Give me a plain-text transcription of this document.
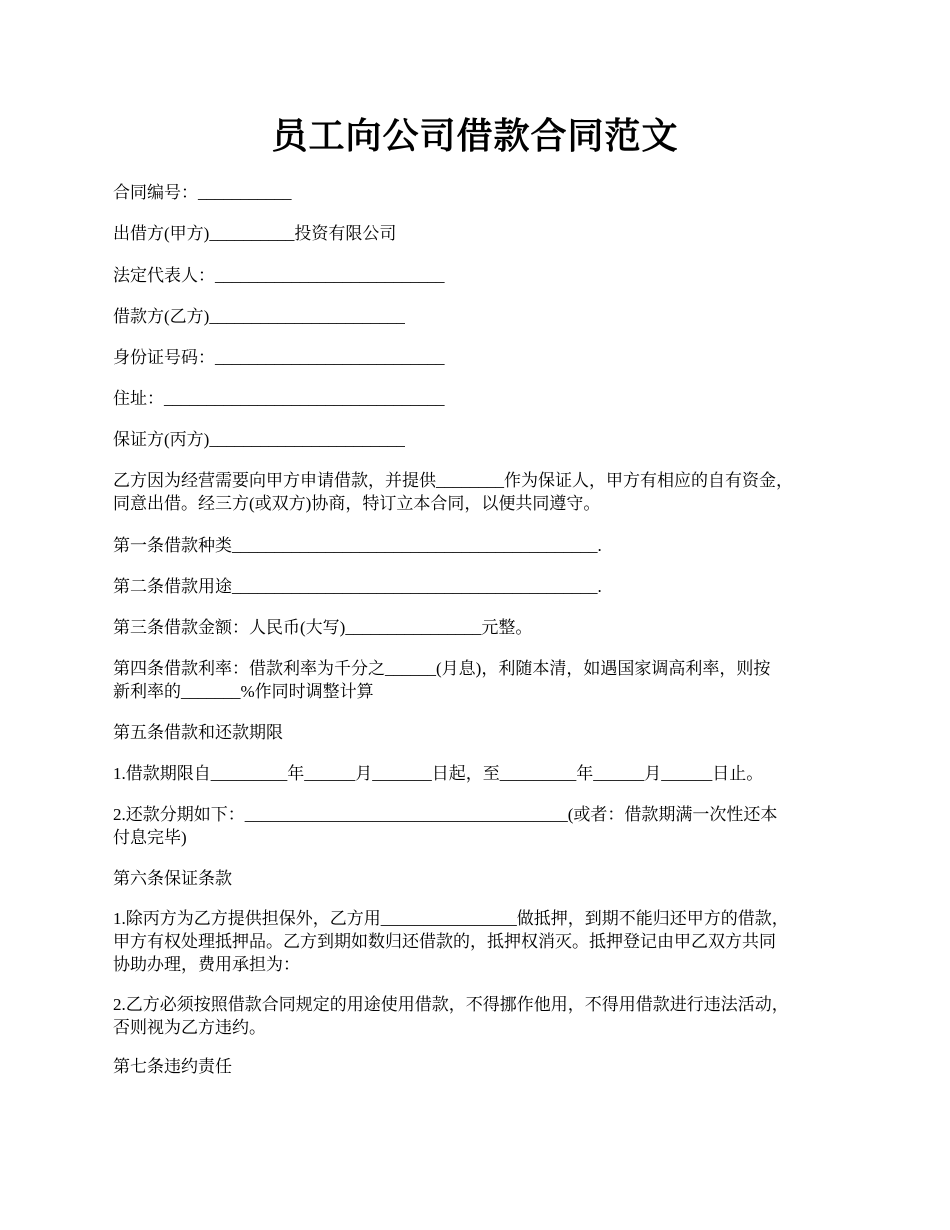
员工向公司借款合同范文
合同编号：___________
出借方(甲方)__________投资有限公司
法定代表人：___________________________
借款方(乙方)_______________________
身份证号码：___________________________
住址：_________________________________
保证方(丙方)_______________________
乙方因为经营需要向甲方申请借款，并提供________作为保证人，甲方有相应的自有资金，
同意出借。经三方(或双方)协商，特订立本合同，以便共同遵守。
第一条借款种类___________________________________________.
第二条借款用途___________________________________________.
第三条借款金额：人民币(大写)________________元整。
第四条借款利率：借款利率为千分之______(月息)，利随本清，如遇国家调高利率，则按
新利率的_______%作同时调整计算
第五条借款和还款期限
1.借款期限自_________年______月_______日起，至_________年______月______日止。
2.还款分期如下：______________________________________(或者：借款期满一次性还本
付息完毕)
第六条保证条款
1.除丙方为乙方提供担保外，乙方用________________做抵押，到期不能归还甲方的借款，
甲方有权处理抵押品。乙方到期如数归还借款的，抵押权消灭。抵押登记由甲乙双方共同
协助办理，费用承担为：
2.乙方必须按照借款合同规定的用途使用借款，不得挪作他用，不得用借款进行违法活动，
否则视为乙方违约。
第七条违约责任
